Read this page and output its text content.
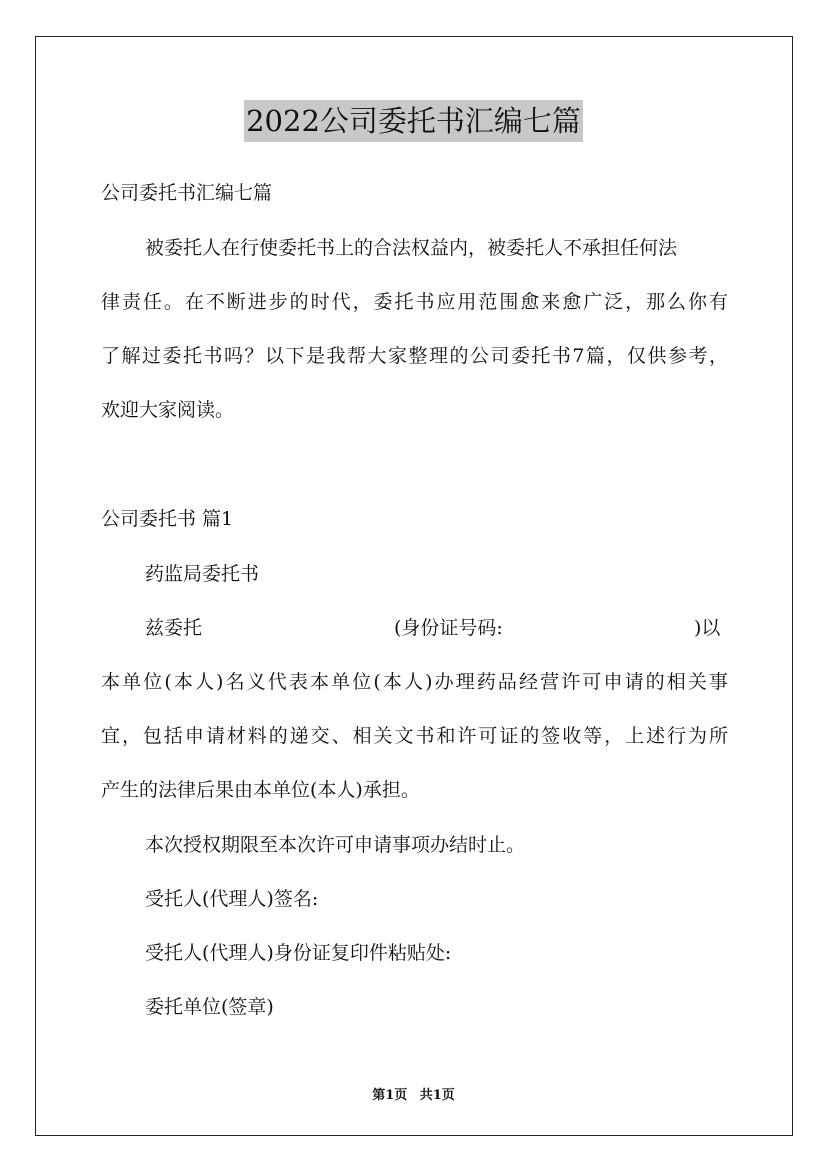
2022公司委托书汇编七篇
公司委托书汇编七篇
被委托人在行使委托书上的合法权益内，被委托人不承担任何法
律责任。在不断进步的时代，委托书应用范围愈来愈广泛，那么你有
了解过委托书吗？以下是我帮大家整理的公司委托书7篇，仅供参考，
欢迎大家阅读。
公司委托书 篇1
药监局委托书
兹委托	(身份证号码:	)以
本单位(本人)名义代表本单位(本人)办理药品经营许可申请的相关事
宜，包括申请材料的递交、相关文书和许可证的签收等，上述行为所
产生的法律后果由本单位(本人)承担。
本次授权期限至本次许可申请事项办结时止。
受托人(代理人)签名:
受托人(代理人)身份证复印件粘贴处:
委托单位(签章)
第1页 共1页
